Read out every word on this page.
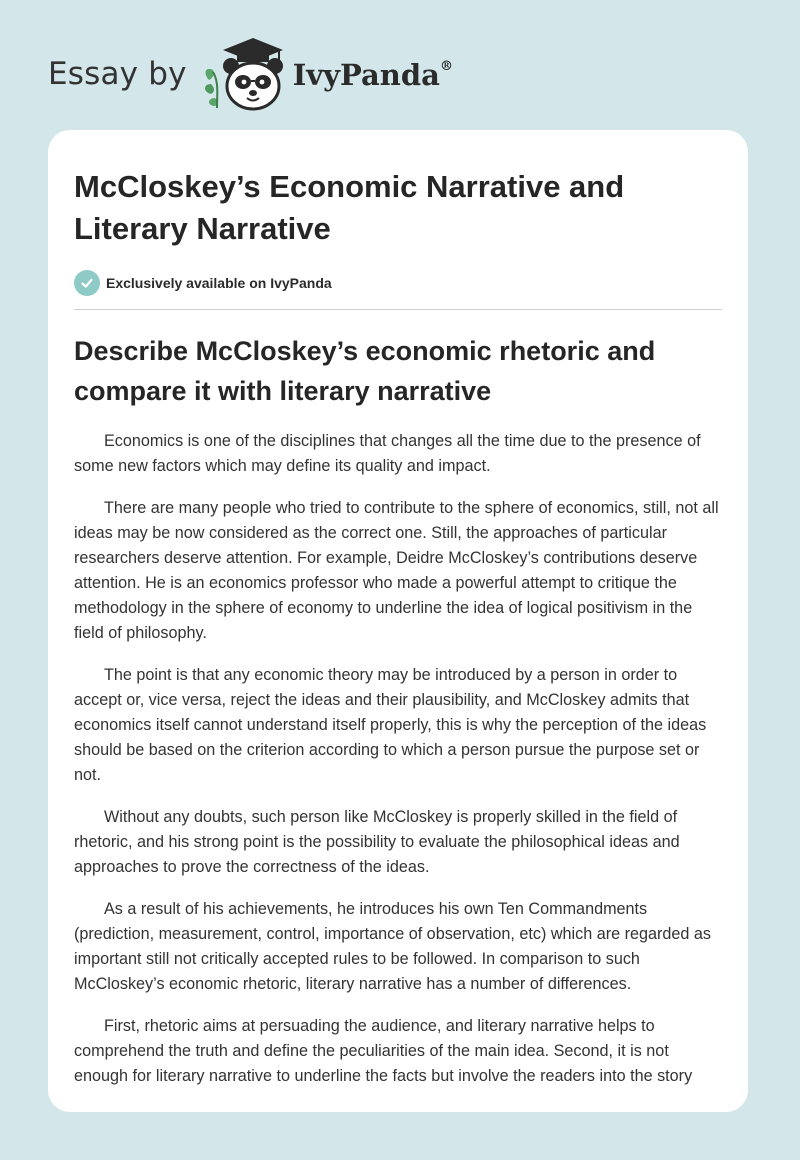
Essay by	IvyPanda®
McCloskey’s Economic Narrative and Literary Narrative
Exclusively available on IvyPanda
Describe McCloskey’s economic rhetoric and compare it with literary narrative

Economics is one of the disciplines that changes all the time due to the presence of some new factors which may define its quality and impact.

There are many people who tried to contribute to the sphere of economics, still, not all ideas may be now considered as the correct one. Still, the approaches of particular researchers deserve attention. For example, Deidre McCloskey’s contributions deserve attention. He is an economics professor who made a powerful attempt to critique the methodology in the sphere of economy to underline the idea of logical positivism in the field of philosophy.

The point is that any economic theory may be introduced by a person in order to accept or, vice versa, reject the ideas and their plausibility, and McCloskey admits that economics itself cannot understand itself properly, this is why the perception of the ideas should be based on the criterion according to which a person pursue the purpose set or not.

Without any doubts, such person like McCloskey is properly skilled in the field of rhetoric, and his strong point is the possibility to evaluate the philosophical ideas and approaches to prove the correctness of the ideas.

As a result of his achievements, he introduces his own Ten Commandments (prediction, measurement, control, importance of observation, etc) which are regarded as important still not critically accepted rules to be followed. In comparison to such McCloskey’s economic rhetoric, literary narrative has a number of differences.

First, rhetoric aims at persuading the audience, and literary narrative helps to comprehend the truth and define the peculiarities of the main idea. Second, it is not enough for literary narrative to underline the facts but involve the readers into the story
